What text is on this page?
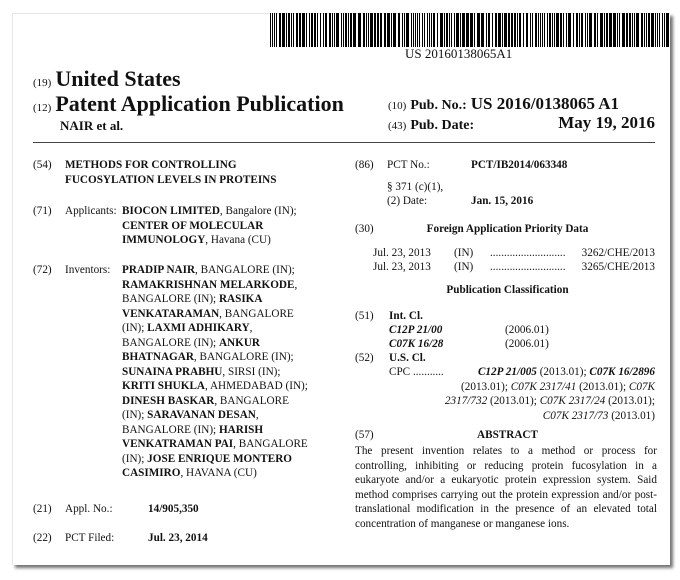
US 20160138065A1
(19) United States
(12) Patent Application Publication
NAIR et al.
(10) Pub. No.: US 2016/0138065 A1
(43) Pub. Date:	May 19, 2016
(54) METHODS FOR CONTROLLING
FUCOSYLATION LEVELS IN PROTEINS
(71) Applicants: BIOCON LIMITED, Bangalore (IN);
CENTER OF MOLECULAR
IMMUNOLOGY, Havana (CU)
(72) Inventors: PRADIP NAIR, BANGALORE (IN);
RAMAKRISHNAN MELARKODE,
BANGALORE (IN); RASIKA
VENKATARAMAN, BANGALORE
(IN); LAXMI ADHIKARY,
BANGALORE (IN); ANKUR
BHATNAGAR, BANGALORE (IN);
SUNAINA PRABHU, SIRSI (IN);
KRITI SHUKLA, AHMEDABAD (IN);
DINESH BASKAR, BANGALORE
(IN); SARAVANAN DESAN,
BANGALORE (IN); HARISH
VENKATRAMAN PAI, BANGALORE
(IN); JOSE ENRIQUE MONTERO
CASIMIRO, HAVANA (CU)
(21) Appl. No.:	14/905,350
(22) PCT Filed:	Jul. 23, 2014
(86) PCT No.:	PCT/IB2014/063348
§ 371 (c)(1),
(2) Date:	Jan. 15, 2016
(30)	Foreign Application Priority Data
Jul. 23, 2013 (IN) ........................... 3262/CHE/2013
Jul. 23, 2013 (IN) ........................... 3265/CHE/2013
Publication Classification
(51) Int. Cl.
C12P 21/00	(2006.01)
C07K 16/28	(2006.01)
(52) U.S. Cl.
CPC ...........	C12P 21/005 (2013.01); C07K 16/2896
(2013.01); C07K 2317/41 (2013.01); C07K
2317/732 (2013.01); C07K 2317/24 (2013.01);
C07K 2317/73 (2013.01)
(57)	ABSTRACT
The present invention relates to a method or process for controlling, inhibiting or reducing protein fucosylation in a eukaryote and/or a eukaryotic protein expression system. Said method comprises carrying out the protein expression and/or post-translational modification in the presence of an elevated total concentration of manganese or manganese ions.
